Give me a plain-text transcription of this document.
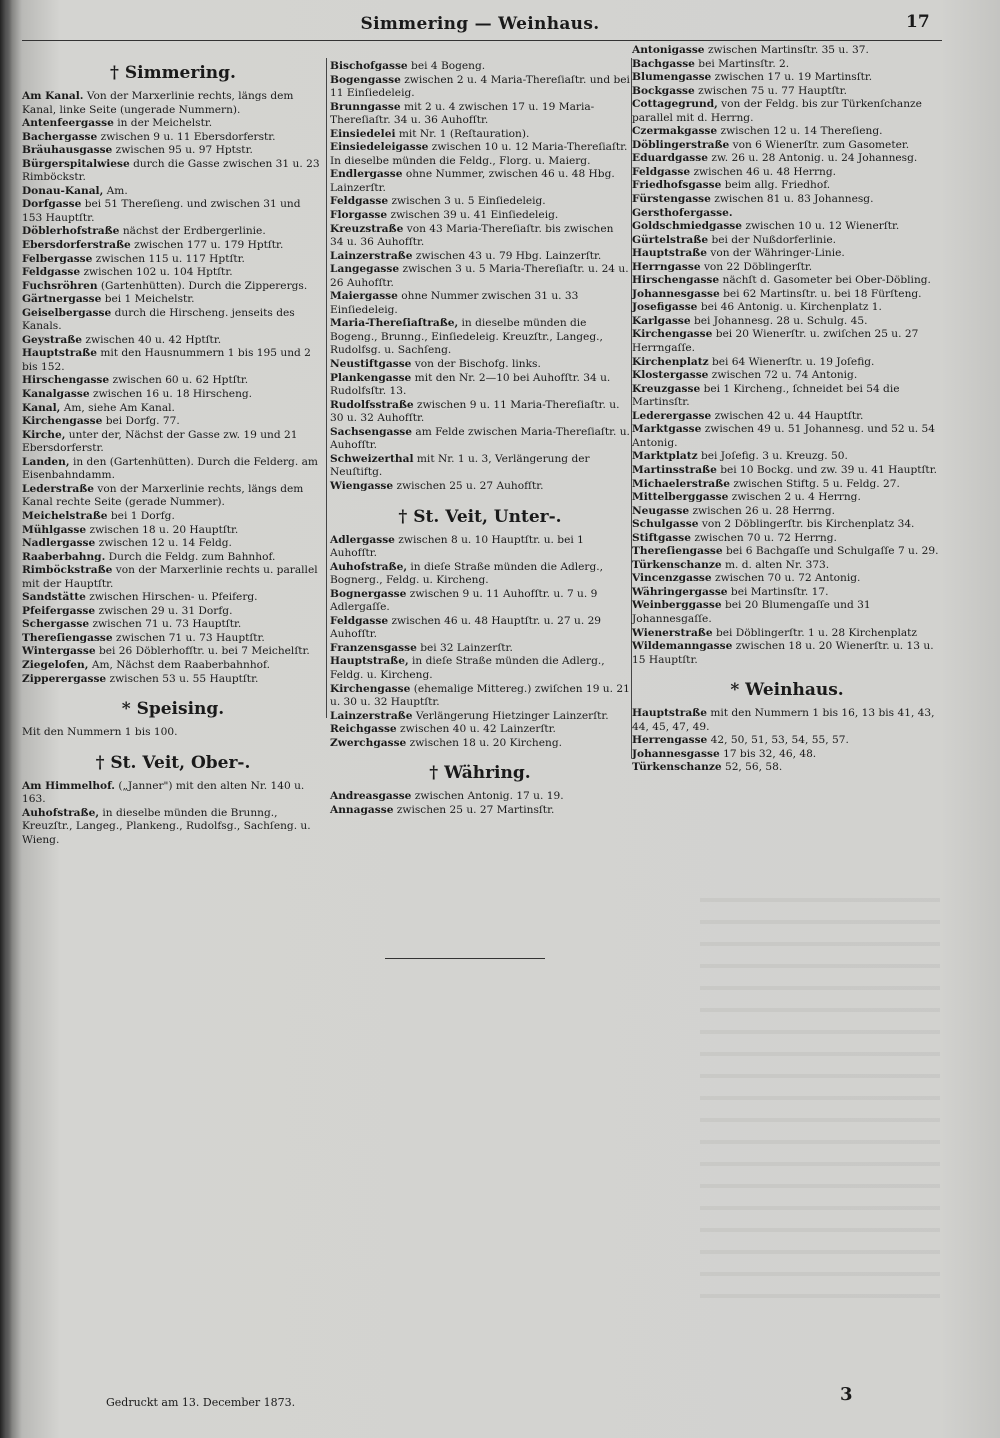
Simmering — Weinhaus.	17
† Simmering.
Am Kanal. Von der Marxerlinie rechts, längs dem Kanal, linke Seite (ungerade Nummern).
Antenfeergasse in der Meichelstr.
Bachergasse zwischen 9 u. 11 Ebersdorferstr.
Bräuhausgasse zwischen 95 u. 97 Hptstr.
Bürgerspitalwiese durch die Gasse zwischen 31 u. 23 Rimböckstr.
Donau-Kanal, Am.
Dorfgasse bei 51 Thereſieng. und zwischen 31 und 153 Hauptſtr.
Döblerhofstraße nächst der Erdbergerlinie.
Ebersdorferstraße zwischen 177 u. 179 Hptſtr.
Felbergasse zwischen 115 u. 117 Hptſtr.
Feldgasse zwischen 102 u. 104 Hptſtr.
Fuchsröhren (Gartenhütten). Durch die Zipperergs.
Gärtnergasse bei 1 Meichelstr.
Geiselbergasse durch die Hirscheng. jenseits des Kanals.
Geystraße zwischen 40 u. 42 Hptſtr.
Hauptstraße mit den Hausnummern 1 bis 195 und 2 bis 152.
Hirschengasse zwischen 60 u. 62 Hptſtr.
Kanalgasse zwischen 16 u. 18 Hirscheng.
Kanal, Am, siehe Am Kanal.
Kirchengasse bei Dorfg. 77.
Kirche, unter der, Nächst der Gasse zw. 19 und 21 Ebersdorferstr.
Landen, in den (Gartenhütten). Durch die Felderg. am Eisenbahndamm.
Lederstraße von der Marxerlinie rechts, längs dem Kanal rechte Seite (gerade Nummer).
Meichelstraße bei 1 Dorfg.
Mühlgasse zwischen 18 u. 20 Hauptſtr.
Nadlergasse zwischen 12 u. 14 Feldg.
Raaberbahng. Durch die Feldg. zum Bahnhof.
Rimböckstraße von der Marxerlinie rechts u. parallel mit der Hauptſtr.
Sandstätte zwischen Hirschen- u. Pfeiferg.
Pfeifergasse zwischen 29 u. 31 Dorfg.
Schergasse zwischen 71 u. 73 Hauptſtr.
Thereſiengasse zwischen 71 u. 73 Hauptſtr.
Wintergasse bei 26 Döblerhofſtr. u. bei 7 Meichelſtr.
Ziegelofen, Am, Nächst dem Raaberbahnhof.
Zipperergasse zwischen 53 u. 55 Hauptſtr.
* Speising.
Mit den Nummern 1 bis 100.
† St. Veit, Ober-.
Am Himmelhof. („Janner") mit den alten Nr. 140 u. 163.
Auhofstraße, in dieselbe münden die Brunng., Kreuzſtr., Langeg., Plankeng., Rudolfsg., Sachſeng. u. Wieng.
Bischofgasse bei 4 Bogeng.
Bogengasse zwischen 2 u. 4 Maria-Thereſiaſtr. und bei 11 Einſiedeleig.
Brunngasse mit 2 u. 4 zwischen 17 u. 19 Maria-Thereſiaſtr. 34 u. 36 Auhofſtr.
Einsiedelei mit Nr. 1 (Reſtauration).
Einsiedeleigasse zwischen 10 u. 12 Maria-Thereſiaſtr. In dieselbe münden die Feldg., Florg. u. Maierg.
Endlergasse ohne Nummer, zwischen 46 u. 48 Hbg. Lainzerſtr.
Feldgasse zwischen 3 u. 5 Einſiedeleig.
Florgasse zwischen 39 u. 41 Einſiedeleig.
Kreuzstraße von 43 Maria-Thereſiaſtr. bis zwischen 34 u. 36 Auhofſtr.
Lainzerstraße zwischen 43 u. 79 Hbg. Lainzerſtr.
Langegasse zwischen 3 u. 5 Maria-Thereſiaſtr. u. 24 u. 26 Auhofſtr.
Maiergasse ohne Nummer zwischen 31 u. 33 Einſiedeleig.
Maria-Thereſiaſtraße, in dieselbe münden die Bogeng., Brunng., Einſiedeleig. Kreuzſtr., Langeg., Rudolfsg. u. Sachſeng.
Neustiftgasse von der Bischofg. links.
Plankengasse mit den Nr. 2—10 bei Auhofſtr. 34 u. Rudolfsſtr. 13.
Rudolfsstraße zwischen 9 u. 11 Maria-Thereſiaſtr. u. 30 u. 32 Auhofſtr.
Sachsengasse am Felde zwischen Maria-Thereſiaſtr. u. Auhofſtr.
Schweizerthal mit Nr. 1 u. 3, Verlängerung der Neuſtiftg.
Wiengasse zwischen 25 u. 27 Auhofſtr.
† St. Veit, Unter-.
Adlergasse zwischen 8 u. 10 Hauptſtr. u. bei 1 Auhofſtr.
Auhofstraße, in dieſe Straße münden die Adlerg., Bognerg., Feldg. u. Kircheng.
Bognergasse zwischen 9 u. 11 Auhofſtr. u. 7 u. 9 Adlergaſſe.
Feldgasse zwischen 46 u. 48 Hauptſtr. u. 27 u. 29 Auhofſtr.
Franzensgasse bei 32 Lainzerſtr.
Hauptstraße, in dieſe Straße münden die Adlerg., Feldg. u. Kircheng.
Kirchengasse (ehemalige Mittereg.) zwiſchen 19 u. 21 u. 30 u. 32 Hauptſtr.
Lainzerstraße Verlängerung Hietzinger Lainzerſtr.
Reichgasse zwischen 40 u. 42 Lainzerſtr.
Zwerchgasse zwischen 18 u. 20 Kircheng.
† Währing.
Andreasgasse zwischen Antonig. 17 u. 19.
Annagasse zwischen 25 u. 27 Martinsſtr.
Antonigasse zwischen Martinsſtr. 35 u. 37.
Bachgasse bei Martinsſtr. 2.
Blumengasse zwischen 17 u. 19 Martinsſtr.
Bockgasse zwischen 75 u. 77 Hauptſtr.
Cottagegrund, von der Feldg. bis zur Türkenſchanze parallel mit d. Herrng.
Czermakgasse zwischen 12 u. 14 Thereſieng.
Döblingerstraße von 6 Wienerſtr. zum Gasometer.
Eduardgasse zw. 26 u. 28 Antonig. u. 24 Johannesg.
Feldgasse zwischen 46 u. 48 Herrng.
Friedhofsgasse beim allg. Friedhof.
Fürstengasse zwischen 81 u. 83 Johannesg.
Gersthofergasse.
Goldschmiedgasse zwischen 10 u. 12 Wienerſtr.
Gürtelstraße bei der Nußdorferlinie.
Hauptstraße von der Währinger-Linie.
Herrngasse von 22 Döblingerſtr.
Hirschengasse nächſt d. Gasometer bei Ober-Döbling.
Johannesgasse bei 62 Martinsſtr. u. bei 18 Fürſteng.
Josefigasse bei 46 Antonig. u. Kirchenplatz 1.
Karlgasse bei Johannesg. 28 u. Schulg. 45.
Kirchengasse bei 20 Wienerſtr. u. zwiſchen 25 u. 27 Herrngaſſe.
Kirchenplatz bei 64 Wienerſtr. u. 19 Joſefig.
Klostergasse zwischen 72 u. 74 Antonig.
Kreuzgasse bei 1 Kircheng., ſchneidet bei 54 die Martinsſtr.
Lederergasse zwischen 42 u. 44 Hauptſtr.
Marktgasse zwischen 49 u. 51 Johannesg. und 52 u. 54 Antonig.
Marktplatz bei Joſefig. 3 u. Kreuzg. 50.
Martinsstraße bei 10 Bockg. und zw. 39 u. 41 Hauptſtr.
Michaelerstraße zwischen Stiftg. 5 u. Feldg. 27.
Mittelberggasse zwischen 2 u. 4 Herrng.
Neugasse zwischen 26 u. 28 Herrng.
Schulgasse von 2 Döblingerſtr. bis Kirchenplatz 34.
Stiftgasse zwischen 70 u. 72 Herrng.
Thereſiengasse bei 6 Bachgaſſe und Schulgaſſe 7 u. 29.
Türkenschanze m. d. alten Nr. 373.
Vincenzgasse zwischen 70 u. 72 Antonig.
Währingergasse bei Martinsſtr. 17.
Weinberggasse bei 20 Blumengaſſe und 31 Johannesgaſſe.
Wienerstraße bei Döblingerſtr. 1 u. 28 Kirchenplatz
Wildemanngasse zwischen 18 u. 20 Wienerſtr. u. 13 u. 15 Hauptſtr.
* Weinhaus.
Hauptstraße mit den Nummern 1 bis 16, 13 bis 41, 43, 44, 45, 47, 49.
Herrengasse 42, 50, 51, 53, 54, 55, 57.
Johannesgasse 17 bis 32, 46, 48.
Türkenschanze 52, 56, 58.
Gedruckt am 13. December 1873.	3
